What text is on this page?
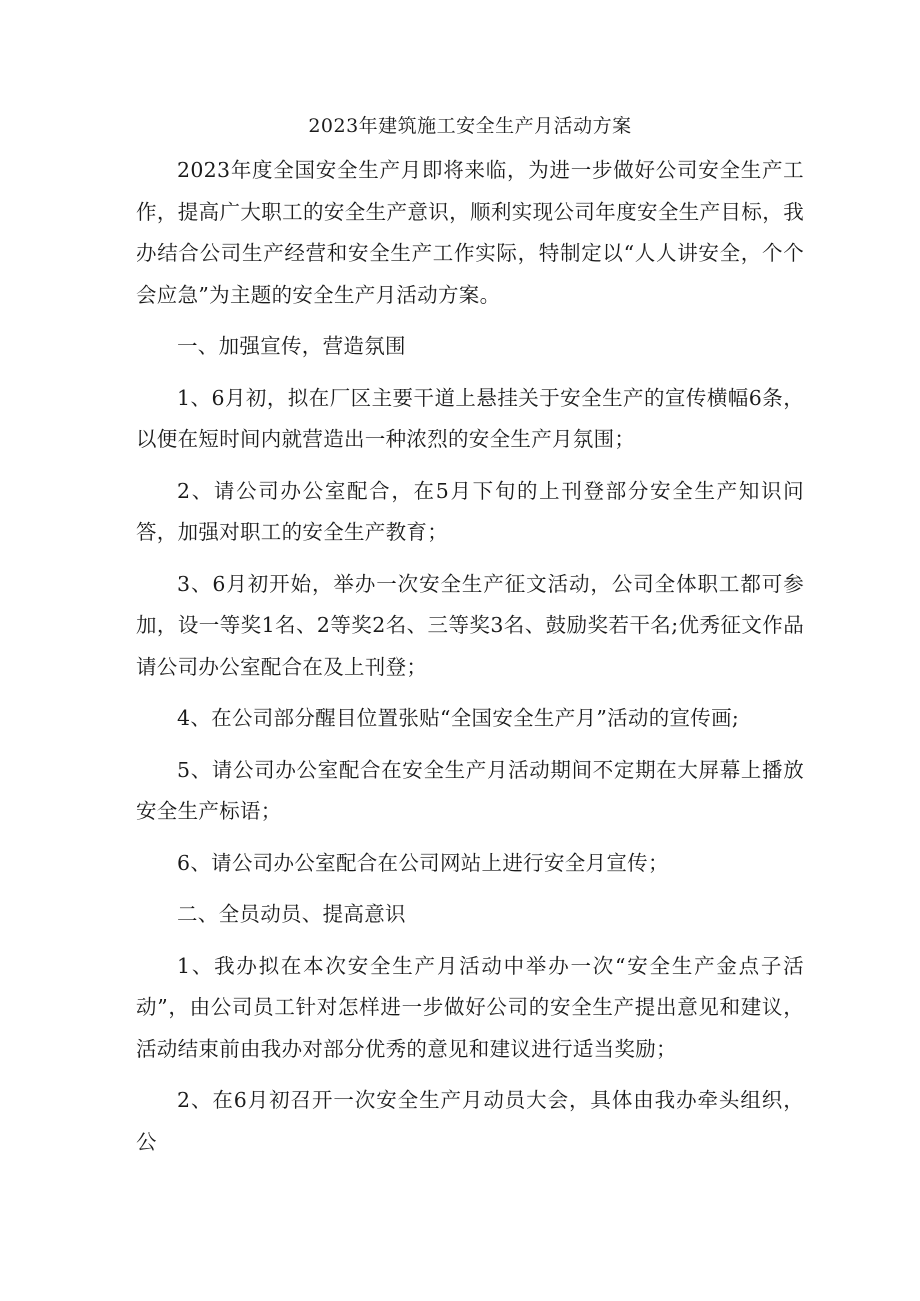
2023年建筑施工安全生产月活动方案

2023年度全国安全生产月即将来临，为进一步做好公司安全生产工作，提高广大职工的安全生产意识，顺利实现公司年度安全生产目标，我办结合公司生产经营和安全生产工作实际，特制定以“人人讲安全，个个会应急”为主题的安全生产月活动方案。

一、加强宣传，营造氛围

1、6月初，拟在厂区主要干道上悬挂关于安全生产的宣传横幅6条，以便在短时间内就营造出一种浓烈的安全生产月氛围；

2、请公司办公室配合，在5月下旬的上刊登部分安全生产知识问答，加强对职工的安全生产教育；

3、6月初开始，举办一次安全生产征文活动，公司全体职工都可参加，设一等奖1名、2等奖2名、三等奖3名、鼓励奖若干名;优秀征文作品请公司办公室配合在及上刊登；

4、在公司部分醒目位置张贴“全国安全生产月”活动的宣传画;

5、请公司办公室配合在安全生产月活动期间不定期在大屏幕上播放安全生产标语；

6、请公司办公室配合在公司网站上进行安全月宣传；

二、全员动员、提高意识

1、我办拟在本次安全生产月活动中举办一次“安全生产金点子活动”，由公司员工针对怎样进一步做好公司的安全生产提出意见和建议，活动结束前由我办对部分优秀的意见和建议进行适当奖励；

2、在6月初召开一次安全生产月动员大会，具体由我办牵头组织，公
